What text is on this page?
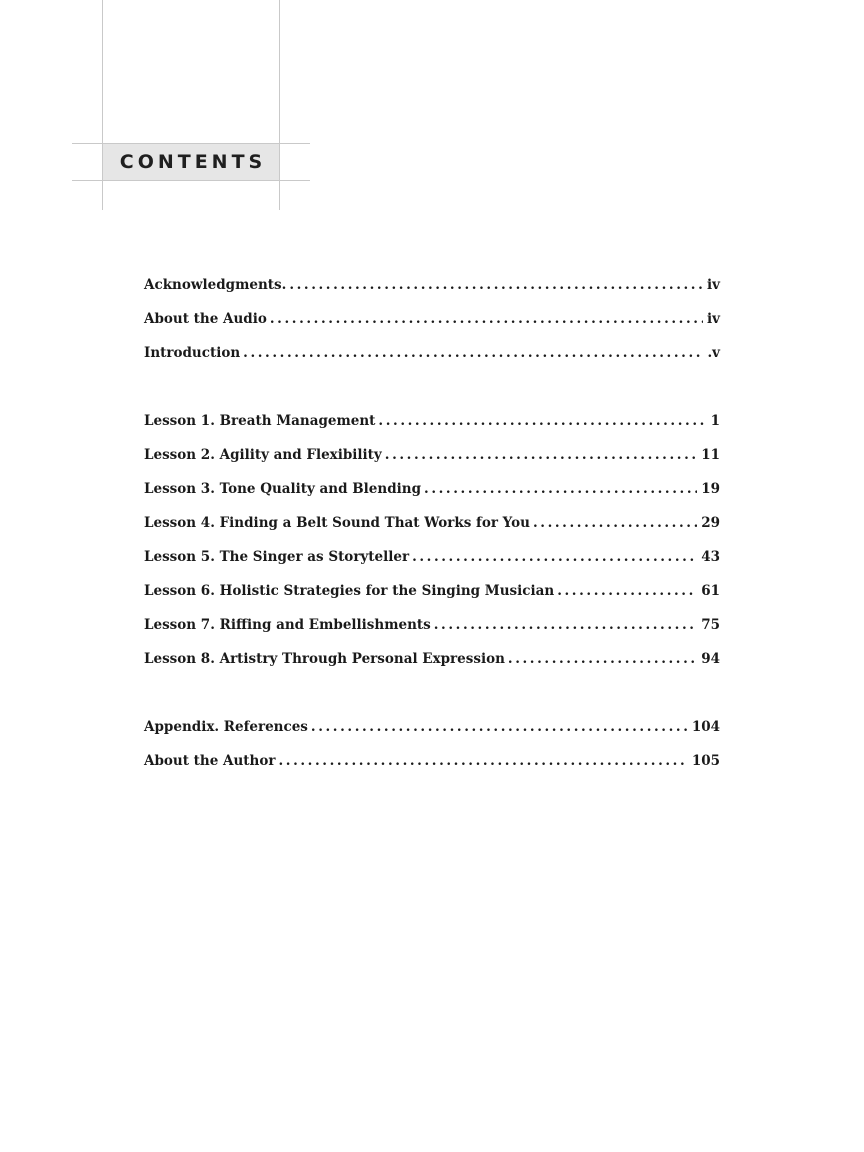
CONTENTS
Acknowledgments. . . .	iv
About the Audio . . .	iv
Introduction . . .	.v
Lesson 1. Breath Management . . .	1
Lesson 2. Agility and Flexibility . . .	11
Lesson 3. Tone Quality and Blending . . .	19
Lesson 4. Finding a Belt Sound That Works for You . . .	29
Lesson 5. The Singer as Storyteller . . .	43
Lesson 6. Holistic Strategies for the Singing Musician . . .	61
Lesson 7. Riffing and Embellishments . . .	75
Lesson 8. Artistry Through Personal Expression . . .	94
Appendix. References . . .	104
About the Author . . .	105
